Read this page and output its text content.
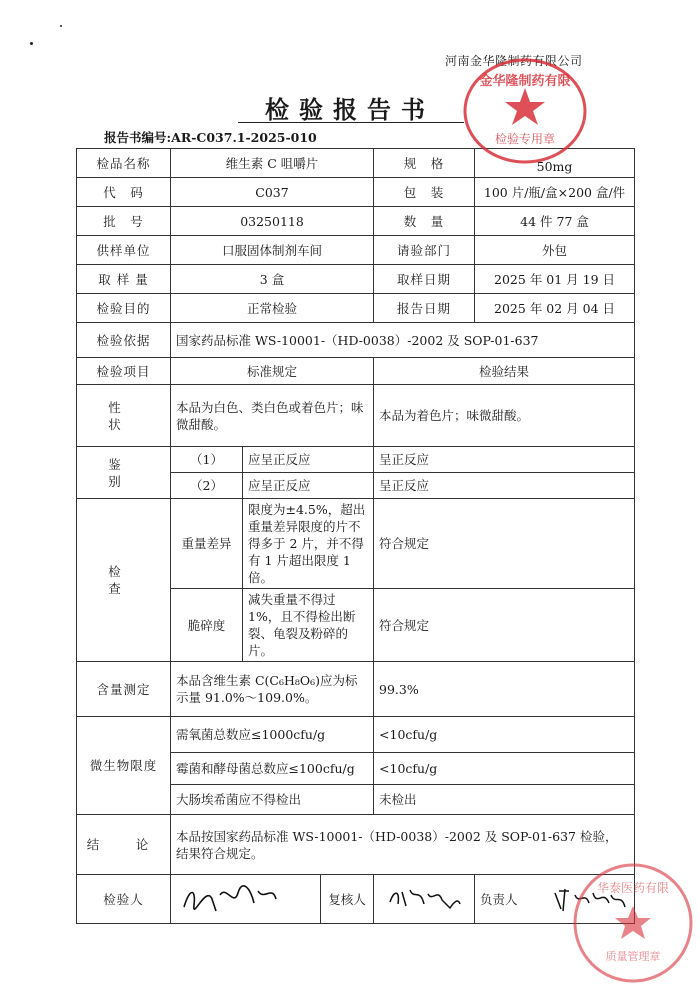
河南金华隆制药有限公司
检验报告书
报告书编号:AR-C037.1-2025-010
检品名称	维生素 C 咀嚼片			规　格	50mg
代　码	C037			包　装	100 片/瓶/盒×200 盒/件
批　号	03250118			数　量	44 件 77 盒
供样单位	口服固体制剂车间			请验部门	外包
取 样 量	3 盒			取样日期	2025 年 01 月 19 日
检验目的	正常检验			报告日期	2025 年 02 月 04 日
检验依据	国家药品标准 WS-10001-（HD-0038）-2002 及 SOP-01-637				
检验项目	标准规定			检验结果	
性　状	本品为白色、类白色或着色片；味微甜酸。			本品为着色片；味微甜酸。	
鉴　别	（1）	应呈正反应		呈正反应	
	（2）	应呈正反应		呈正反应	
检　查	重量差异	限度为±4.5%，超出重量差异限度的片不得多于 2 片，并不得有 1 片超出限度 1 倍。		符合规定	
	脆碎度	减失重量不得过 1%，且不得检出断裂、龟裂及粉碎的片。		符合规定	
含量测定	本品含维生素 C(C₆H₈O₆)应为标示量 91.0%～109.0%。			99.3%	
微生物限度	需氧菌总数应≤1000cfu/g			<10cfu/g	
	霉菌和酵母菌总数应≤100cfu/g			<10cfu/g	
	大肠埃希菌应不得检出			未检出	
结　论	本品按国家药品标准 WS-10001-（HD-0038）-2002 及 SOP-01-637 检验，结果符合规定。				
检验人			复核人		负责人
金华隆制药有限
检验专用章
华泰医药有限
质量管理章
